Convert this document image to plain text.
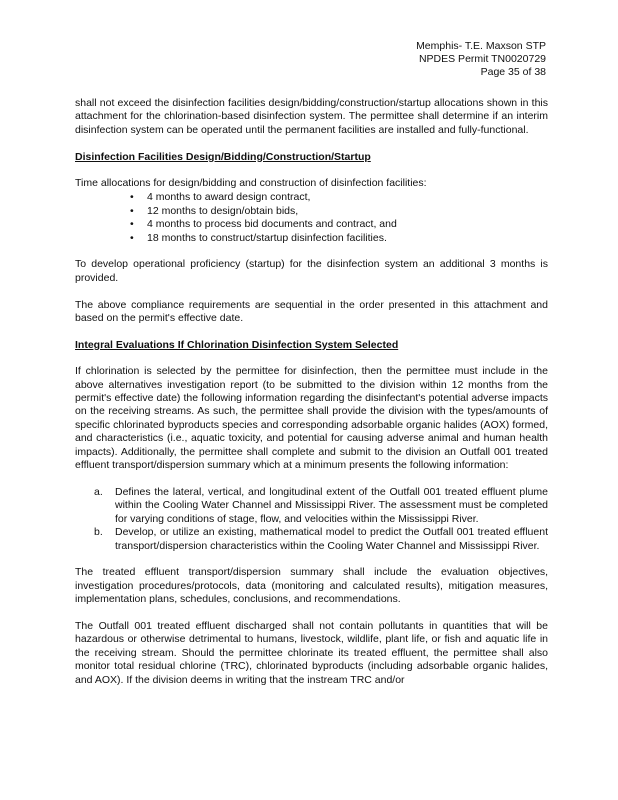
Memphis- T.E. Maxson STP
NPDES Permit TN0020729
Page 35 of 38

shall not exceed the disinfection facilities design/bidding/construction/startup allocations shown in this attachment for the chlorination-based disinfection system. The permittee shall determine if an interim disinfection system can be operated until the permanent facilities are installed and fully-functional.

Disinfection Facilities Design/Bidding/Construction/Startup

Time allocations for design/bidding and construction of disinfection facilities:

• 4 months to award design contract,
• 12 months to design/obtain bids,
• 4 months to process bid documents and contract, and
• 18 months to construct/startup disinfection facilities.

To develop operational proficiency (startup) for the disinfection system an additional 3 months is provided.

The above compliance requirements are sequential in the order presented in this attachment and based on the permit's effective date.

Integral Evaluations If Chlorination Disinfection System Selected

If chlorination is selected by the permittee for disinfection, then the permittee must include in the above alternatives investigation report (to be submitted to the division within 12 months from the permit's effective date) the following information regarding the disinfectant's potential adverse impacts on the receiving streams. As such, the permittee shall provide the division with the types/amounts of specific chlorinated byproducts species and corresponding adsorbable organic halides (AOX) formed, and characteristics (i.e., aquatic toxicity, and potential for causing adverse animal and human health impacts). Additionally, the permittee shall complete and submit to the division an Outfall 001 treated effluent transport/dispersion summary which at a minimum presents the following information:

a. Defines the lateral, vertical, and longitudinal extent of the Outfall 001 treated effluent plume within the Cooling Water Channel and Mississippi River. The assessment must be completed for varying conditions of stage, flow, and velocities within the Mississippi River.
b. Develop, or utilize an existing, mathematical model to predict the Outfall 001 treated effluent transport/dispersion characteristics within the Cooling Water Channel and Mississippi River.

The treated effluent transport/dispersion summary shall include the evaluation objectives, investigation procedures/protocols, data (monitoring and calculated results), mitigation measures, implementation plans, schedules, conclusions, and recommendations.

The Outfall 001 treated effluent discharged shall not contain pollutants in quantities that will be hazardous or otherwise detrimental to humans, livestock, wildlife, plant life, or fish and aquatic life in the receiving stream. Should the permittee chlorinate its treated effluent, the permittee shall also monitor total residual chlorine (TRC), chlorinated byproducts (including adsorbable organic halides, and AOX). If the division deems in writing that the instream TRC and/or
